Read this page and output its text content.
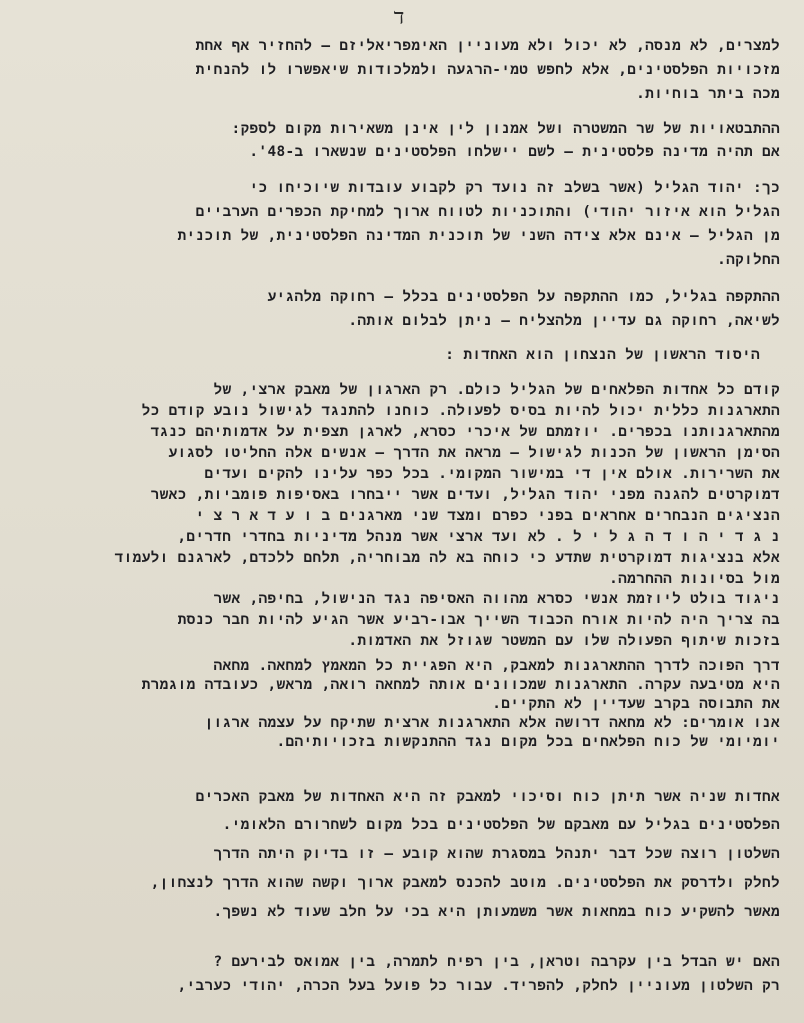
ד
למצרים, לא מנסה, לא יכול ולא מעוניין האימפריאליזם – להחזיר אף אחת
מזכויות הפלסטינים, אלא לחפש טמי-הרגעה ולמלכודות שיאפשרו לו להנחית
מכה ביתר בוחיות.
ההתבטאויות של שר המשטרה ושל אמנון לין אינן משאירות מקום לספק:
אם תהיה מדינה פלסטינית – לשם יישלחו הפלסטינים שנשארו ב-48'.
כך: יהוד הגליל (אשר בשלב זה נועד רק לקבוע עובדות שיוכיחו כי
הגליל הוא איזור יהודי) והתוכניות לטווח ארוך למחיקת הכפרים הערביים
מן הגליל – אינם אלא צידה השני של תוכנית המדינה הפלסטינית, של תוכנית
החלוקה.
ההתקפה בגליל, כמו ההתקפה על הפלסטינים בכלל – רחוקה מלהגיע
לשיאה, רחוקה גם עדיין מלהצליח – ניתן לבלום אותה.
היסוד הראשון של הנצחון הוא האחדות :
קודם כל אחדות הפלאחים של הגליל כולם. רק הארגון של מאבק ארצי, של
התארגנות כללית יכול להיות בסיס לפעולה. כוחנו להתנגד לגישול נובע קודם כל
מהתארגנותנו בכפרים. יוזמתם של איכרי כסרא, לארגן תצפית על אדמותיהם כנגד
הסימן הראשון של הכנות לגישול – מראה את הדרך – אנשים אלה החליטו לסגוע
את השרירות. אולם אין די במישור המקומי. בכל כפר עלינו להקים ועדים
דמוקרטים להגנה מפני יהוד הגליל, ועדים אשר ייבחרו באסיפות פומביות, כאשר
הנציגים הנבחרים אחראים בפני כפרם ומצד שני מארגנים ב ו ע ד א ר צ י
נ ג ד י ה ו ד ה ג ל י ל . לא ועד ארצי אשר מנהל מדיניות בחדרי חדרים,
אלא בנציגות דמוקרטית שתדע כי כוחה בא לה מבוחריה, תלחם ללכדם, לארגנם ולעמוד
מול בסיונות ההחרמה.
ניגוד בולט ליוזמת אנשי כסרא מהווה האסיפה נגד הנישול, בחיפה, אשר
בה צריך היה להיות אורח הכבוד השייך אבו-רביע אשר הגיע להיות חבר כנסת
בזכות שיתוף הפעולה שלו עם המשטר שגוזל את האדמות.
דרך הפוכה לדרך ההתארגנות למאבק, היא הפגיית כל המאמץ למחאה. מחאה
היא מטיבעה עקרה. התארגנות שמכוונים אותה למחאה רואה, מראש, כעובדה מוגמרת
את התבוסה בקרב שעדיין לא התקיים.
אנו אומרים: לא מחאה דרושה אלא התארגנות ארצית שתיקח על עצמה ארגון
יומיומי של כוח הפלאחים בכל מקום נגד ההתנקשות בזכויותיהם.
אחדות שניה אשר תיתן כוח וסיכוי למאבק זה היא האחדות של מאבק האכרים
הפלסטינים בגליל עם מאבקם של הפלסטינים בכל מקום לשחרורם הלאומי.
השלטון רוצה שכל דבר יתנהל במסגרת שהוא קובע – זו בדיוק היתה הדרך
לחלק ולדרסק את הפלסטינים. מוטב להכנס למאבק ארוך וקשה שהוא הדרך לנצחון,
מאשר להשקיע כוח במחאות אשר משמעותן היא בכי על חלב שעוד לא נשפך.
האם יש הבדל בין עקרבה וטראן, בין רפיח לתמרה, בין אמואס לבירעם ?
רק השלטון מעוניין לחלק, להפריד. עבור כל פועל בעל הכרה, יהודי כערבי,
